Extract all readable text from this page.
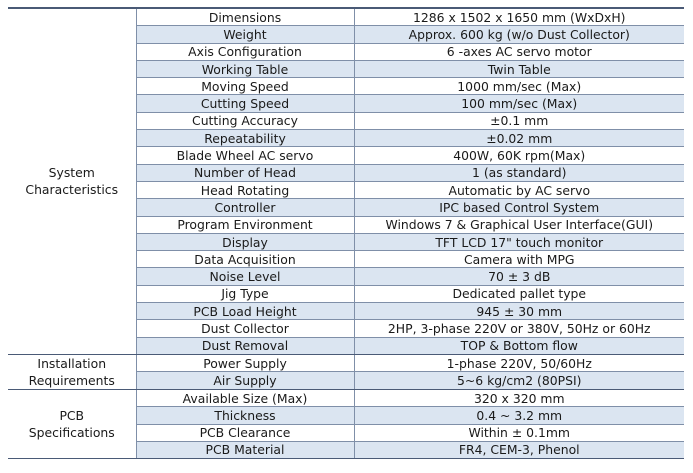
System
Characteristics	Dimensions	1286 x 1502 x 1650 mm (WxDxH)
	Weight	Approx. 600 kg (w/o Dust Collector)
	Axis Configuration	6 -axes AC servo motor
	Working Table	Twin Table
	Moving Speed	1000 mm/sec (Max)
	Cutting Speed	100 mm/sec (Max)
	Cutting Accuracy	±0.1 mm
	Repeatability	±0.02 mm
	Blade Wheel AC servo	400W, 60K rpm(Max)
	Number of Head	1 (as standard)
	Head Rotating	Automatic by AC servo
	Controller	IPC based Control System
	Program Environment	Windows 7 & Graphical User Interface(GUI)
	Display	TFT LCD 17" touch monitor
	Data Acquisition	Camera with MPG
	Noise Level	70 ± 3 dB
	Jig Type	Dedicated pallet type
	PCB Load Height	945 ± 30 mm
	Dust Collector	2HP, 3-phase 220V or 380V, 50Hz or 60Hz
	Dust Removal	TOP & Bottom flow

Installation
Requirements	Power Supply	1-phase 220V, 50/60Hz
	Air Supply	5~6 kg/cm2 (80PSI)

PCB
Specifications	Available Size (Max)	320 x 320 mm
	Thickness	0.4 ~ 3.2 mm
	PCB Clearance	Within ± 0.1mm
	PCB Material	FR4, CEM-3, Phenol
